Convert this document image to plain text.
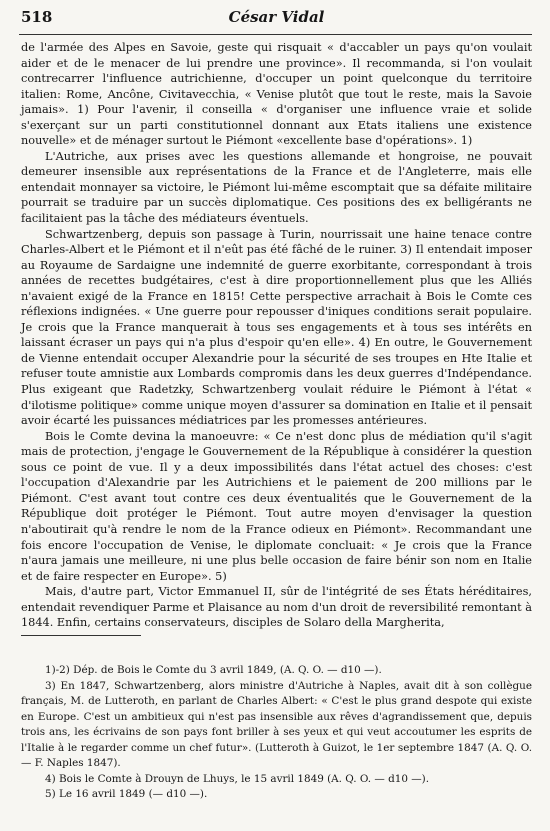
518	César Vidal

de l'armée des Alpes en Savoie, geste qui risquait « d'accabler un pays qu'on voulait aider et de le menacer de lui prendre une province». Il recommanda, si l'on voulait contrecarrer l'influence autrichienne, d'occuper un point quelconque du territoire italien: Rome, Ancône, Civitavecchia, « Venise plutôt que tout le reste, mais la Savoie jamais». 1) Pour l'avenir, il conseilla « d'organiser une influence vraie et solide s'exerçant sur un parti constitutionnel donnant aux Etats italiens une existence nouvelle» et de ménager surtout le Piémont «excellente base d'opérations». 1)

L'Autriche, aux prises avec les questions allemande et hongroise, ne pouvait demeurer insensible aux représentations de la France et de l'Angleterre, mais elle entendait monnayer sa victoire, le Piémont lui-même escomptait que sa défaite militaire pourrait se traduire par un succès diplomatique. Ces positions des ex belligérants ne facilitaient pas la tâche des médiateurs éventuels.

Schwartzenberg, depuis son passage à Turin, nourrissait une haine tenace contre Charles-Albert et le Piémont et il n'eût pas été fâché de le ruiner. 3) Il entendait imposer au Royaume de Sardaigne une indemnité de guerre exorbitante, correspondant à trois années de recettes budgétaires, c'est à dire proportionnellement plus que les Alliés n'avaient exigé de la France en 1815! Cette perspective arrachait à Bois le Comte ces réflexions indignées. « Une guerre pour repousser d'iniques conditions serait populaire. Je crois que la France manquerait à tous ses engagements et à tous ses intérêts en laissant écraser un pays qui n'a plus d'espoir qu'en elle». 4) En outre, le Gouvernement de Vienne entendait occuper Alexandrie pour la sécurité de ses troupes en Hte Italie et refuser toute amnistie aux Lombards compromis dans les deux guerres d'Indépendance. Plus exigeant que Radetzky, Schwartzenberg voulait réduire le Piémont à l'état « d'ilotisme politique» comme unique moyen d'assurer sa domination en Italie et il pensait avoir écarté les puissances médiatrices par les promesses antérieures.

Bois le Comte devina la manoeuvre: « Ce n'est donc plus de médiation qu'il s'agit mais de protection, j'engage le Gouvernement de la République à considérer la question sous ce point de vue. Il y a deux impossibilités dans l'état actuel des choses: c'est l'occupation d'Alexandrie par les Autrichiens et le paiement de 200 millions par le Piémont. C'est avant tout contre ces deux éventualités que le Gouvernement de la République doit protéger le Piémont. Tout autre moyen d'envisager la question n'aboutirait qu'à rendre le nom de la France odieux en Piémont». Recommandant une fois encore l'occupation de Venise, le diplomate concluait: « Je crois que la France n'aura jamais une meilleure, ni une plus belle occasion de faire bénir son nom en Italie et de faire respecter en Europe». 5)

Mais, d'autre part, Victor Emmanuel II, sûr de l'intégrité de ses États héréditaires, entendait revendiquer Parme et Plaisance au nom d'un droit de reversibilité remontant à 1844. Enfin, certains conservateurs, disciples de Solaro della Margherita,

1)-2) Dép. de Bois le Comte du 3 avril 1849, (A. Q. O. — d10 —).

3) En 1847, Schwartzenberg, alors ministre d'Autriche à Naples, avait dit à son collègue français, M. de Lutteroth, en parlant de Charles Albert: « C'est le plus grand despote qui existe en Europe. C'est un ambitieux qui n'est pas insensible aux rêves d'agrandissement que, depuis trois ans, les écrivains de son pays font briller à ses yeux et qui veut accoutumer les esprits de l'Italie à le regarder comme un chef futur». (Lutteroth à Guizot, le 1er septembre 1847 (A. Q. O. — F. Naples 1847).

4) Bois le Comte à Drouyn de Lhuys, le 15 avril 1849 (A. Q. O. — d10 —).

5) Le 16 avril 1849 (— d10 —).
